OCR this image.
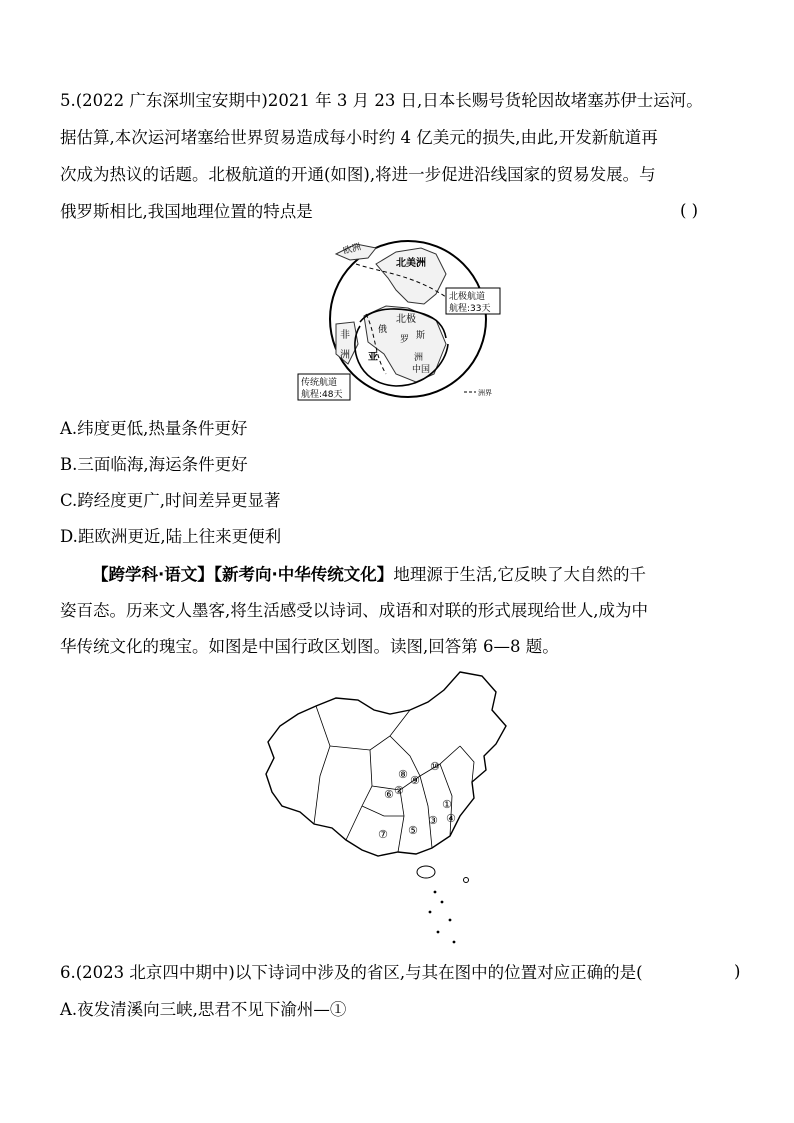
5.(2022 广东深圳宝安期中)2021 年 3 月 23 日,日本长赐号货轮因故堵塞苏伊士运河。
据估算,本次运河堵塞给世界贸易造成每小时约 4 亿美元的损失,由此,开发新航道再
次成为热议的话题。北极航道的开通(如图),将进一步促进沿线国家的贸易发展。与
俄罗斯相比,我国地理位置的特点是	( )
欧洲
北美洲
北极
非
洲 亚
俄
罗 斯
洲
中国
北极航道
航程:33天
传统航道
航程:48天	洲界
A.纬度更低,热量条件更好
B.三面临海,海运条件更好
C.跨经度更广,时间差异更显著
D.距欧洲更近,陆上往来更便利
【跨学科·语文】【新考向·中华传统文化】地理源于生活,它反映了大自然的千
姿百态。历来文人墨客,将生活感受以诗词、成语和对联的形式展现给世人,成为中
华传统文化的瑰宝。如图是中国行政区划图。读图,回答第 6—8 题。
①
②
③ ④
⑤
⑥
⑦
⑧ ⑨
⑩
6.(2023 北京四中期中)以下诗词中涉及的省区,与其在图中的位置对应正确的是(	)
A.夜发清溪向三峡,思君不见下渝州—①
